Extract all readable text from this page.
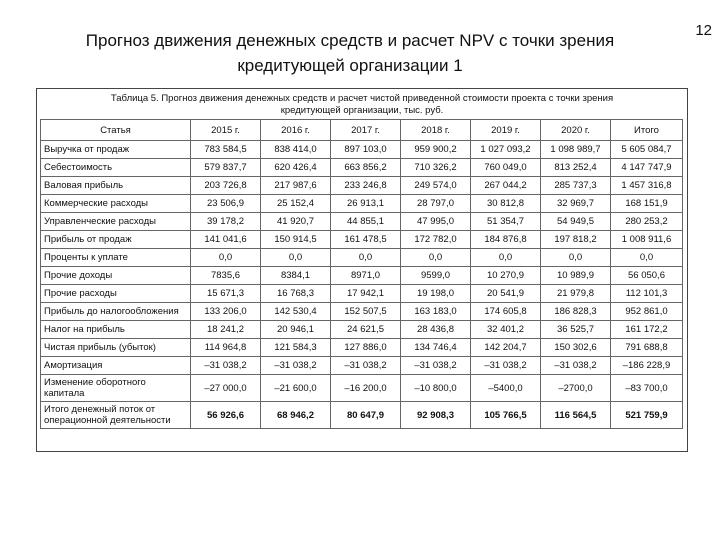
Прогноз движения денежных средств и расчет NPV с точки зрения
кредитующей организации 1
12
Таблица 5. Прогноз движения денежных средств и расчет чистой приведенной стоимости проекта с точки зрения
кредитующей организации, тыс. руб.
Статья	2015 г.	2016 г.	2017 г.	2018 г.	2019 г.	2020 г.	Итого
Выручка от продаж	783 584,5	838 414,0	897 103,0	959 900,2	1 027 093,2	1 098 989,7	5 605 084,7
Себестоимость	579 837,7	620 426,4	663 856,2	710 326,2	760 049,0	813 252,4	4 147 747,9
Валовая прибыль	203 726,8	217 987,6	233 246,8	249 574,0	267 044,2	285 737,3	1 457 316,8
Коммерческие расходы	23 506,9	25 152,4	26 913,1	28 797,0	30 812,8	32 969,7	168 151,9
Управленческие расходы	39 178,2	41 920,7	44 855,1	47 995,0	51 354,7	54 949,5	280 253,2
Прибыль от продаж	141 041,6	150 914,5	161 478,5	172 782,0	184 876,8	197 818,2	1 008 911,6
Проценты к уплате	0,0	0,0	0,0	0,0	0,0	0,0	0,0
Прочие доходы	7835,6	8384,1	8971,0	9599,0	10 270,9	10 989,9	56 050,6
Прочие расходы	15 671,3	16 768,3	17 942,1	19 198,0	20 541,9	21 979,8	112 101,3
Прибыль до налогообложения	133 206,0	142 530,4	152 507,5	163 183,0	174 605,8	186 828,3	952 861,0
Налог на прибыль	18 241,2	20 946,1	24 621,5	28 436,8	32 401,2	36 525,7	161 172,2
Чистая прибыль (убыток)	114 964,8	121 584,3	127 886,0	134 746,4	142 204,7	150 302,6	791 688,8
Амортизация	–31 038,2	–31 038,2	–31 038,2	–31 038,2	–31 038,2	–31 038,2	–186 228,9
Изменение оборотного капитала	–27 000,0	–21 600,0	–16 200,0	–10 800,0	–5400,0	–2700,0	–83 700,0
Итого денежный поток от операционной деятельности	56 926,6	68 946,2	80 647,9	92 908,3	105 766,5	116 564,5	521 759,9
